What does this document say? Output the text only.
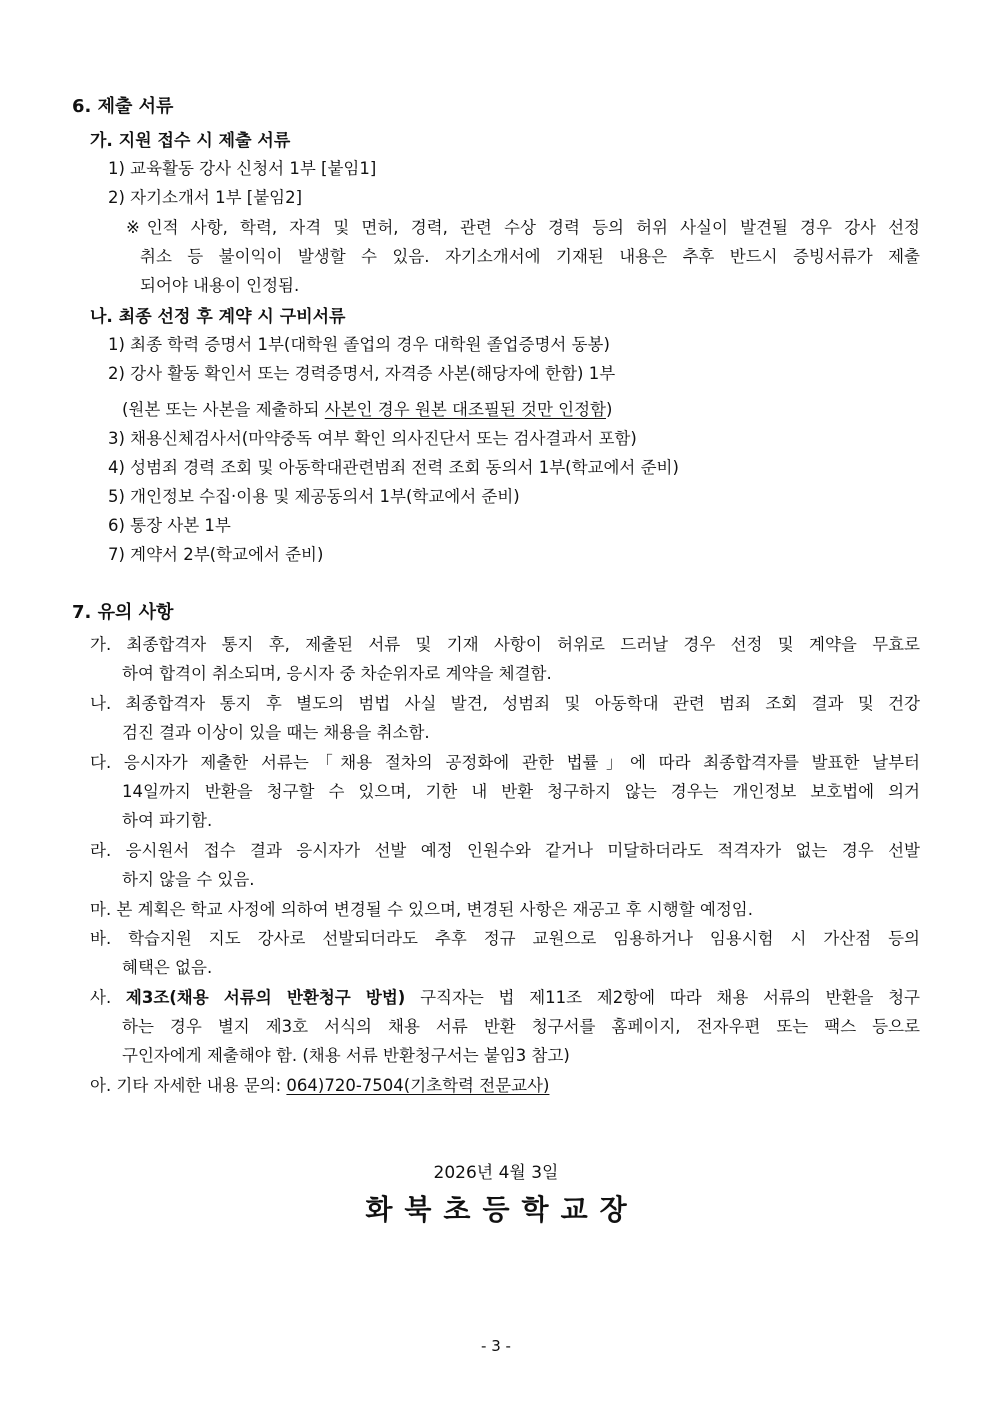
6. 제출 서류
가. 지원 접수 시 제출 서류
1) 교육활동 강사 신청서 1부 [붙임1]
2) 자기소개서 1부 [붙임2]
※인적 사항, 학력, 자격 및 면허, 경력, 관련 수상 경력 등의 허위 사실이 발견될 경우 강사 선정
취소 등 불이익이 발생할 수 있음. 자기소개서에 기재된 내용은 추후 반드시 증빙서류가 제출
되어야 내용이 인정됨.
나. 최종 선정 후 계약 시 구비서류
1) 최종 학력 증명서 1부(대학원 졸업의 경우 대학원 졸업증명서 동봉)
2) 강사 활동 확인서 또는 경력증명서, 자격증 사본(해당자에 한함) 1부
(원본 또는 사본을 제출하되 사본인 경우 원본 대조필된 것만 인정함)
3) 채용신체검사서(마약중독 여부 확인 의사진단서 또는 검사결과서 포함)
4) 성범죄 경력 조회 및 아동학대관련범죄 전력 조회 동의서 1부(학교에서 준비)
5) 개인정보 수집·이용 및 제공동의서 1부(학교에서 준비)
6) 통장 사본 1부
7) 계약서 2부(학교에서 준비)
7. 유의 사항
가. 최종합격자 통지 후, 제출된 서류 및 기재 사항이 허위로 드러날 경우 선정 및 계약을 무효로
하여 합격이 취소되며, 응시자 중 차순위자로 계약을 체결함.
나. 최종합격자 통지 후 별도의 범법 사실 발견, 성범죄 및 아동학대 관련 범죄 조회 결과 및 건강
검진 결과 이상이 있을 때는 채용을 취소함.
다. 응시자가 제출한 서류는「채용 절차의 공정화에 관한 법률」에 따라 최종합격자를 발표한 날부터
14일까지 반환을 청구할 수 있으며, 기한 내 반환 청구하지 않는 경우는 개인정보 보호법에 의거
하여 파기함.
라. 응시원서 접수 결과 응시자가 선발 예정 인원수와 같거나 미달하더라도 적격자가 없는 경우 선발
하지 않을 수 있음.
마. 본 계획은 학교 사정에 의하여 변경될 수 있으며, 변경된 사항은 재공고 후 시행할 예정임.
바. 학습지원 지도 강사로 선발되더라도 추후 정규 교원으로 임용하거나 임용시험 시 가산점 등의
혜택은 없음.
사. 제3조(채용 서류의 반환청구 방법) 구직자는 법 제11조 제2항에 따라 채용 서류의 반환을 청구
하는 경우 별지 제3호 서식의 채용 서류 반환 청구서를 홈페이지, 전자우편 또는 팩스 등으로
구인자에게 제출해야 함. (채용 서류 반환청구서는 붙임3 참고)
아. 기타 자세한 내용 문의: 064)720-7504(기초학력 전문교사)
2026년 4월 3일
화북초등학교장
- 3 -
